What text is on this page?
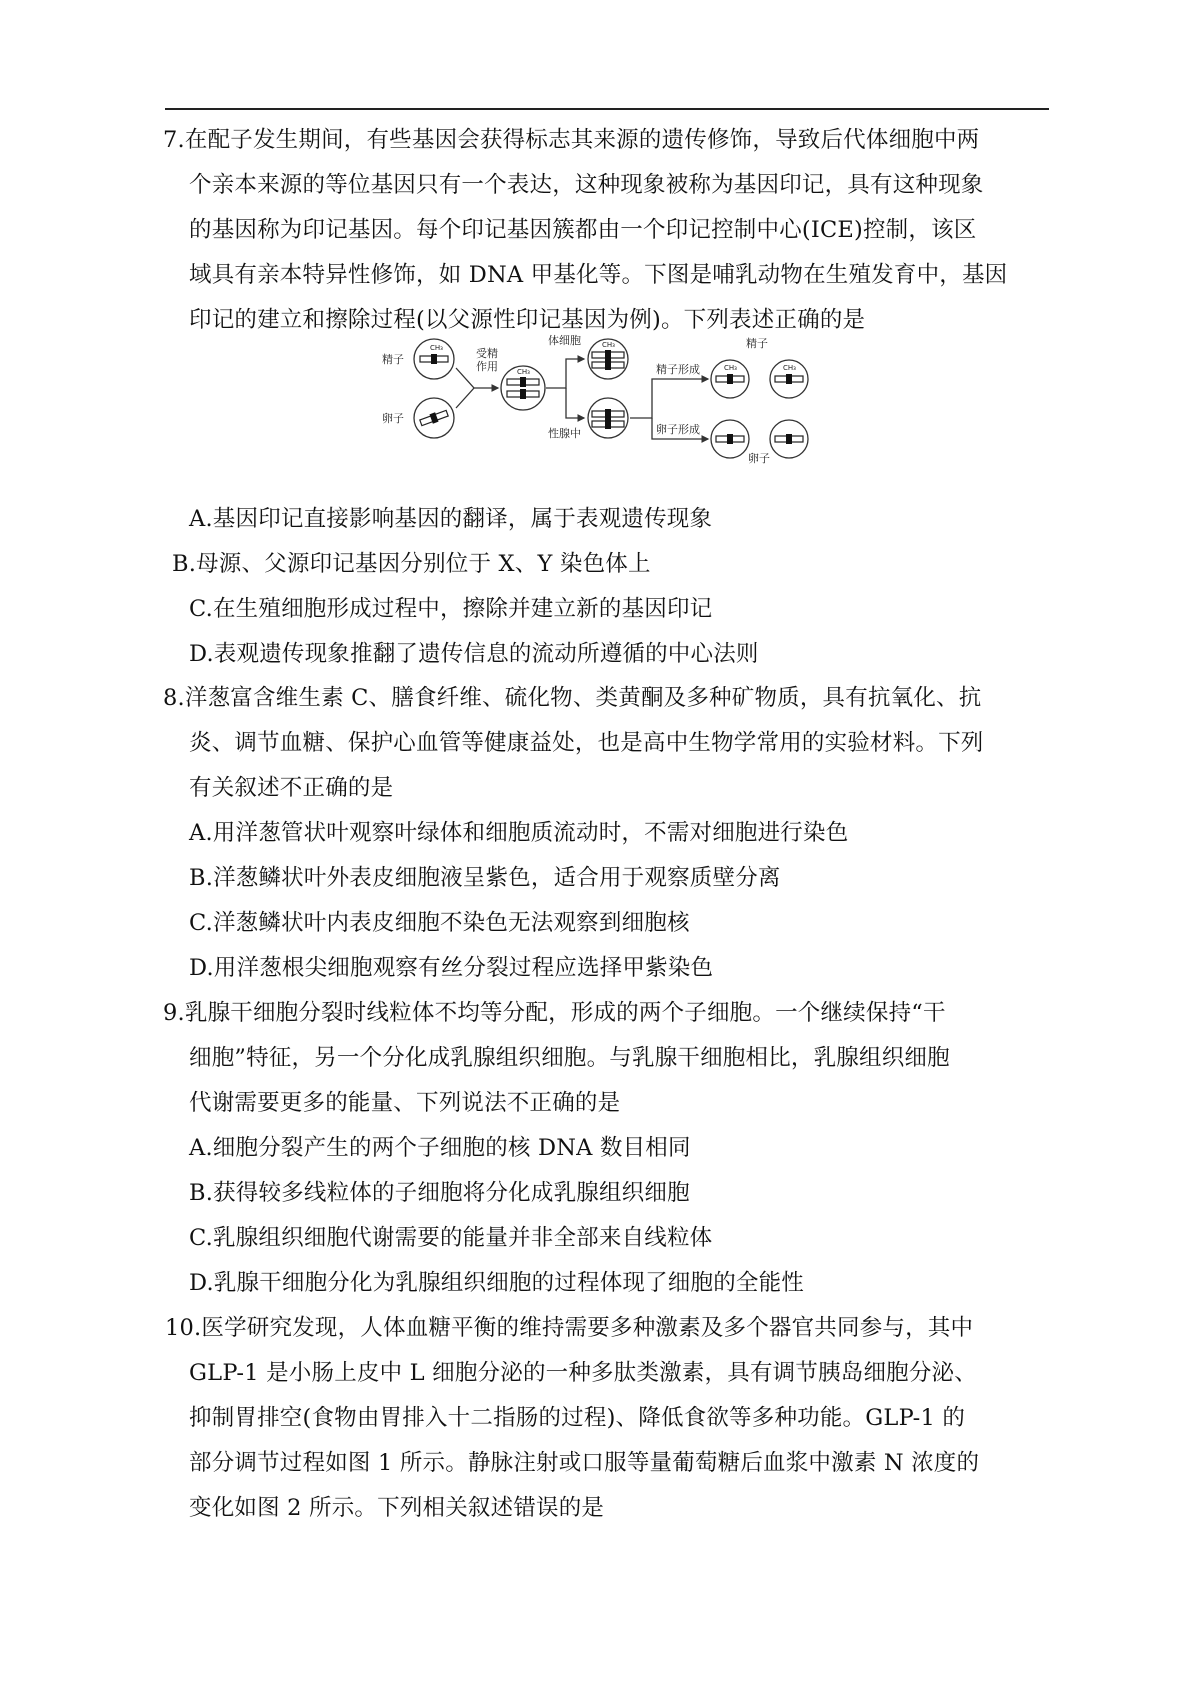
7.在配子发生期间，有些基因会获得标志其来源的遗传修饰，导致后代体细胞中两
个亲本来源的等位基因只有一个表达，这种现象被称为基因印记，具有这种现象
的基因称为印记基因。每个印记基因簇都由一个印记控制中心(ICE)控制，该区
域具有亲本特异性修饰，如 DNA 甲基化等。下图是哺乳动物在生殖发育中，基因
印记的建立和擦除过程(以父源性印记基因为例)。下列表述正确的是
CH₃
CH₃
CH₃
CH₃	CH₃
精子
卵子
受精
作用
体细胞
性腺中
精子形成
卵子形成
精子
卵子
A.基因印记直接影响基因的翻译，属于表观遗传现象
B.母源、父源印记基因分别位于 X、Y 染色体上
C.在生殖细胞形成过程中，擦除并建立新的基因印记
D.表观遗传现象推翻了遗传信息的流动所遵循的中心法则
8.洋葱富含维生素 C、膳食纤维、硫化物、类黄酮及多种矿物质，具有抗氧化、抗
炎、调节血糖、保护心血管等健康益处，也是高中生物学常用的实验材料。下列
有关叙述不正确的是
A.用洋葱管状叶观察叶绿体和细胞质流动时，不需对细胞进行染色
B.洋葱鳞状叶外表皮细胞液呈紫色，适合用于观察质壁分离
C.洋葱鳞状叶内表皮细胞不染色无法观察到细胞核
D.用洋葱根尖细胞观察有丝分裂过程应选择甲紫染色
9.乳腺干细胞分裂时线粒体不均等分配，形成的两个子细胞。一个继续保持“干
细胞”特征，另一个分化成乳腺组织细胞。与乳腺干细胞相比，乳腺组织细胞
代谢需要更多的能量、下列说法不正确的是
A.细胞分裂产生的两个子细胞的核 DNA 数目相同
B.获得较多线粒体的子细胞将分化成乳腺组织细胞
C.乳腺组织细胞代谢需要的能量并非全部来自线粒体
D.乳腺干细胞分化为乳腺组织细胞的过程体现了细胞的全能性
10.医学研究发现，人体血糖平衡的维持需要多种激素及多个器官共同参与，其中
GLP-1 是小肠上皮中 L 细胞分泌的一种多肽类激素，具有调节胰岛细胞分泌、
抑制胃排空(食物由胃排入十二指肠的过程)、降低食欲等多种功能。GLP-1 的
部分调节过程如图 1 所示。静脉注射或口服等量葡萄糖后血浆中激素 N 浓度的
变化如图 2 所示。下列相关叙述错误的是
